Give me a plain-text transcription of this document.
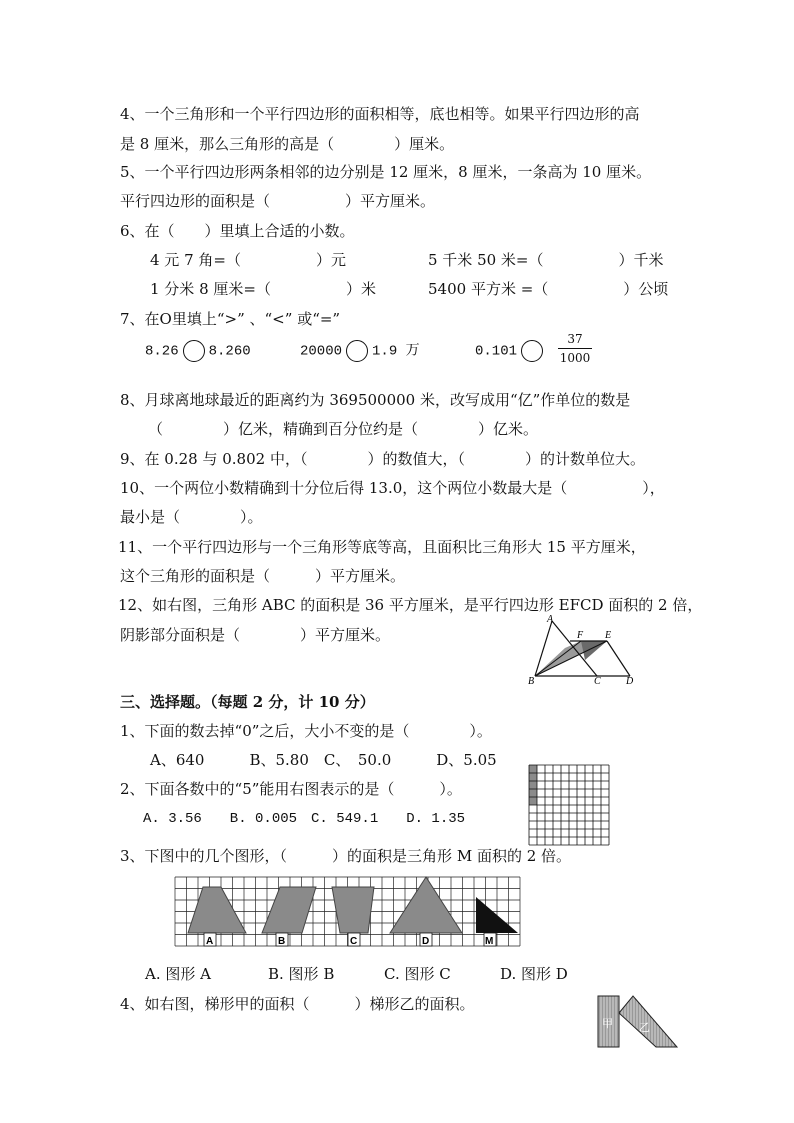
4、一个三角形和一个平行四边形的面积相等，底也相等。如果平行四边形的高
是 8 厘米，那么三角形的高是（　　　　）厘米。
5、一个平行四边形两条相邻的边分别是 12 厘米，8 厘米，一条高为 10 厘米。
平行四边形的面积是（　　　　　）平方厘米。
6、在（　　）里填上合适的小数。
4 元 7 角=（　　　　　）元	5 千米 50 米=（　　　　　）千米
1 分米 8 厘米=（　　　　　）米	5400 平方米 =（　　　　　）公顷
7、在O里填上“>” 、“<” 或“=”
8.26 8.260	20000 1.9 万	0.101
37
1000
8、月球离地球最近的距离约为 369500000 米，改写成用“亿”作单位的数是
（　　　　）亿米，精确到百分位约是（　　　　）亿米。
9、在 0.28 与 0.802 中，（　　　　）的数值大，（　　　　）的计数单位大。
10、一个两位小数精确到十分位后得 13.0，这个两位小数最大是（　　　　　），
最小是（　　　　）。
11、一个平行四边形与一个三角形等底等高，且面积比三角形大 15 平方厘米，
这个三角形的面积是（　　　）平方厘米。
12、如右图，三角形 ABC 的面积是 36 平方厘米，是平行四边形 EFCD 面积的 2 倍，
阴影部分面积是（　　　　）平方厘米。
A
F E
B	C	D
三、选择题。（每题 2 分，计 10 分）
1、下面的数去掉“0”之后，大小不变的是（　　　　）。
A、640　　　B、5.80　C、　50.0　　　D、5.05
2、下面各数中的“5”能用右图表示的是（　　　）。
A. 3.56　　B. 0.005　C. 549.1　　D. 1.35
3、下图中的几个图形，（　　　）的面积是三角形 M 面积的 2 倍。
A	B	C	D	M
A. 图形 A	B. 图形 B	C. 图形 C	D. 图形 D
4、如右图，梯形甲的面积（　　　）梯形乙的面积。
甲 乙
